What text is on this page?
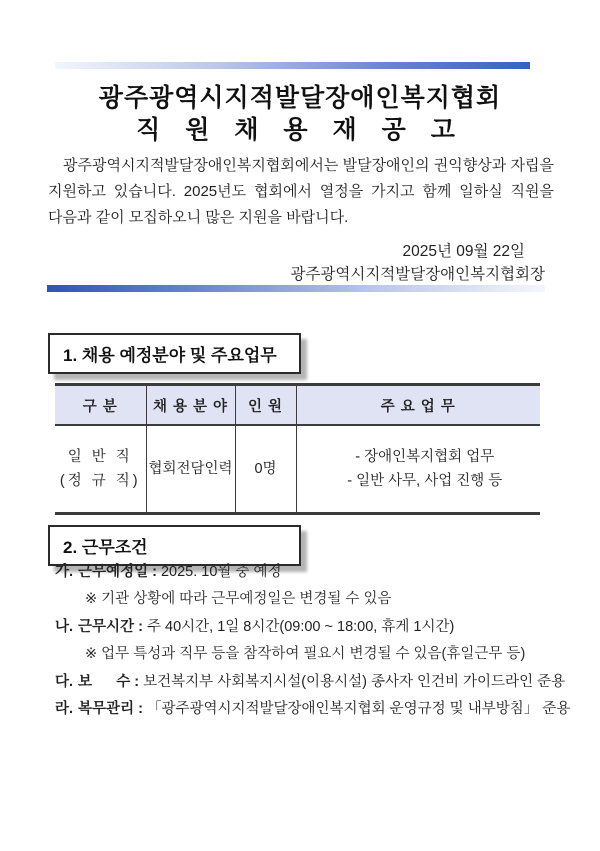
광주광역시지적발달장애인복지협회
직 원 채 용 재 공 고
광주광역시지적발달장애인복지협회에서는 발달장애인의 권익향상과 자립을 지원하고 있습니다. 2025년도 협회에서 열정을 가지고 함께 일하실 직원을 다음과 같이 모집하오니 많은 지원을 바랍니다.
2025년 09월 22일
광주광역시지적발달장애인복지협회장
1. 채용 예정분야 및 주요업무
구 분	채 용 분 야	인 원	주 요 업 무

일 반 직
(정 규 직)	협회전담인력	0명	- 장애인복지협회 업무
- 일반 사무, 사업 진행 등
2. 근무조건
가. 근무예정일 : 2025. 10월 중 예정
※ 기관 상황에 따라 근무예정일은 변경될 수 있음
나. 근무시간 : 주 40시간, 1일 8시간(09:00 ~ 18:00, 휴게 1시간)
※ 업무 특성과 직무 등을 참작하여 필요시 변경될 수 있음(휴일근무 등)
다. 보      수 : 보건복지부 사회복지시설(이용시설) 종사자 인건비 가이드라인 준용
라. 복무관리 : 「광주광역시지적발달장애인복지협회 운영규정 및 내부방침」 준용
